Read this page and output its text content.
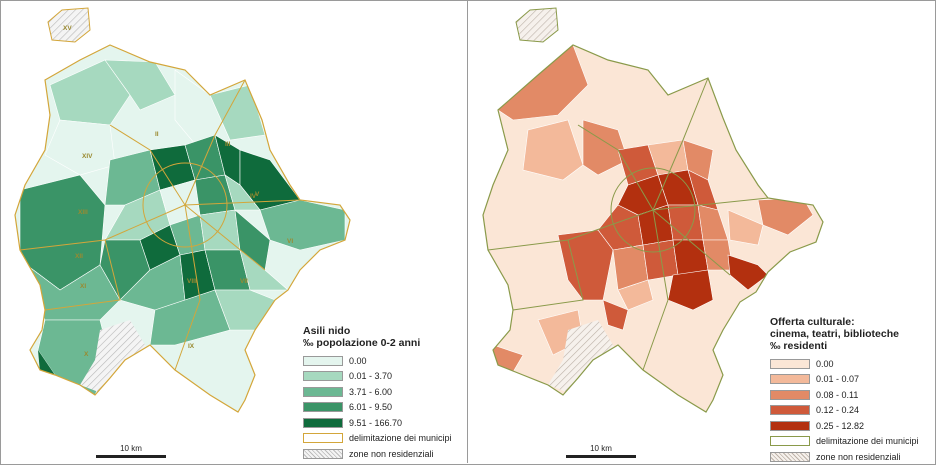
XV
XIV
III
XIII
XII
XI
X
IX
V
II
IV
VI
VII
VIII
Asili nido
‰ popolazione 0-2 anni
0.00
0.01 - 3.70
3.71 - 6.00
6.01 - 9.50
9.51 - 166.70
delimitazione dei municipi
zone non residenziali
10 km
Offerta culturale:
cinema, teatri, biblioteche
‰ residenti
0.00
0.01 - 0.07
0.08 - 0.11
0.12 - 0.24
0.25 - 12.82
delimitazione dei municipi
zone non residenziali
10 km
